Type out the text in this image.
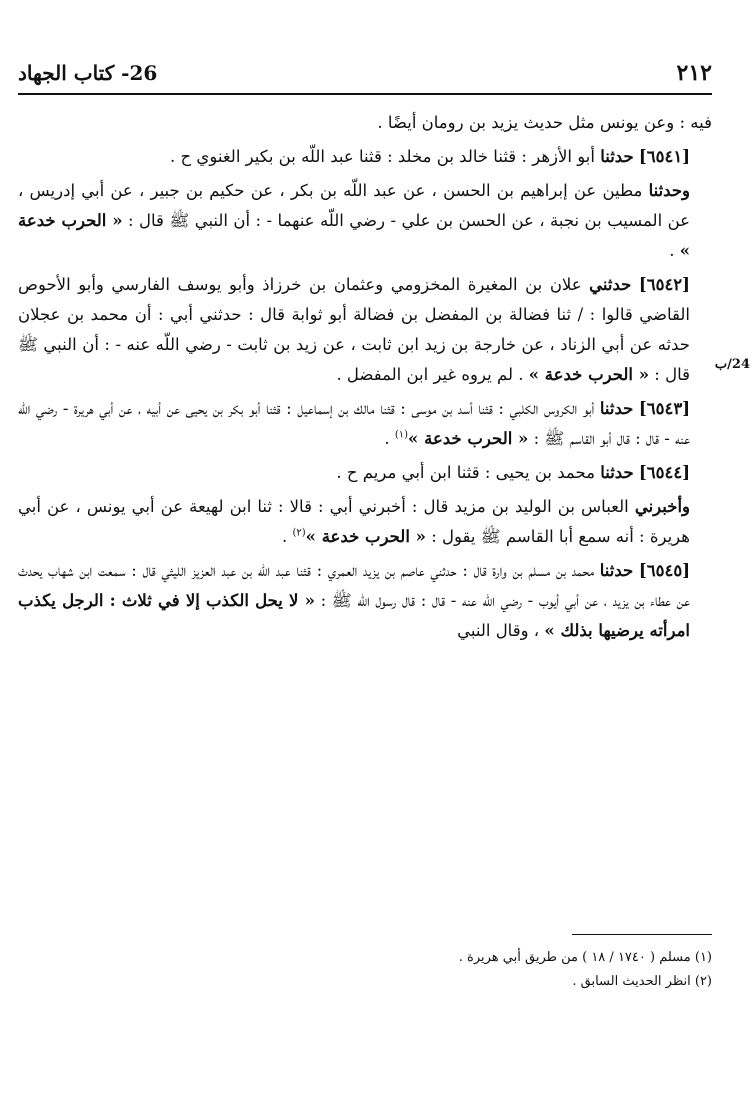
٢١٢
26- كتاب الجهاد
24/ب

فيه : وعن يونس مثل حديث يزيد بن رومان أيضًا .

[٦٥٤١] حدثنا أبو الأزهر : قثنا خالد بن مخلد : قثنا عبد اللّه بن بكير الغنوي ح .

وحدثنا مطين عن إبراهيم بن الحسن ، عن عبد اللّه بن بكر ، عن حكيم بن جبير ، عن أبي إدريس ، عن المسيب بن نجبة ، عن الحسن بن علي - رضي اللّه عنهما - : أن النبي ﷺ قال : « الحرب خدعة » .

[٦٥٤٢] حدثني علان بن المغيرة المخزومي وعثمان بن خرزاذ وأبو يوسف الفارسي وأبو الأحوص القاضي قالوا : / ثنا فضالة بن المفضل بن فضالة أبو ثوابة قال : حدثني أبي : أن محمد بن عجلان حدثه عن أبي الزناد ، عن خارجة بن زيد ابن ثابت ، عن زيد بن ثابت - رضي اللّه عنه - : أن النبي ﷺ قال : « الحرب خدعة » . لم يروه غير ابن المفضل .

[٦٥٤٣] حدثنا أبو الكروس الكلبي : قثنا أسد بن موسى : قثنا مالك بن إسماعيل : قثنا أبو بكر بن يحيى عن أبيه ، عن أبي هريرة - رضي اللّه عنه - قال : قال أبو القاسم ﷺ : « الحرب خدعة »$^{(١)}$ .

[٦٥٤٤] حدثنا محمد بن يحيى : قثنا ابن أبي مريم ح .

وأخبرني العباس بن الوليد بن مزيد قال : أخبرني أبي : قالا : ثنا ابن لهيعة عن أبي يونس ، عن أبي هريرة : أنه سمع أبا القاسم ﷺ يقول : « الحرب خدعة »$^{(٢)}$ .

[٦٥٤٥] حدثنا محمد بن مسلم بن وارة قال : حدثني عاصم بن يزيد العمري : قثنا عبد اللّه بن عبد العزيز الليثي قال : سمعت ابن شهاب يحدث عن عطاء بن يزيد ، عن أبي أيوب - رضي اللّه عنه - قال : قال رسول اللّه ﷺ : « لا يحل الكذب إلا في ثلاث : الرجل يكذب امرأته يرضيها بذلك » ، وقال النبي

(١) مسلم ( ١٧٤٠ / ١٨ ) من طريق أبي هريرة .

(٢) انظر الحديث السابق .
